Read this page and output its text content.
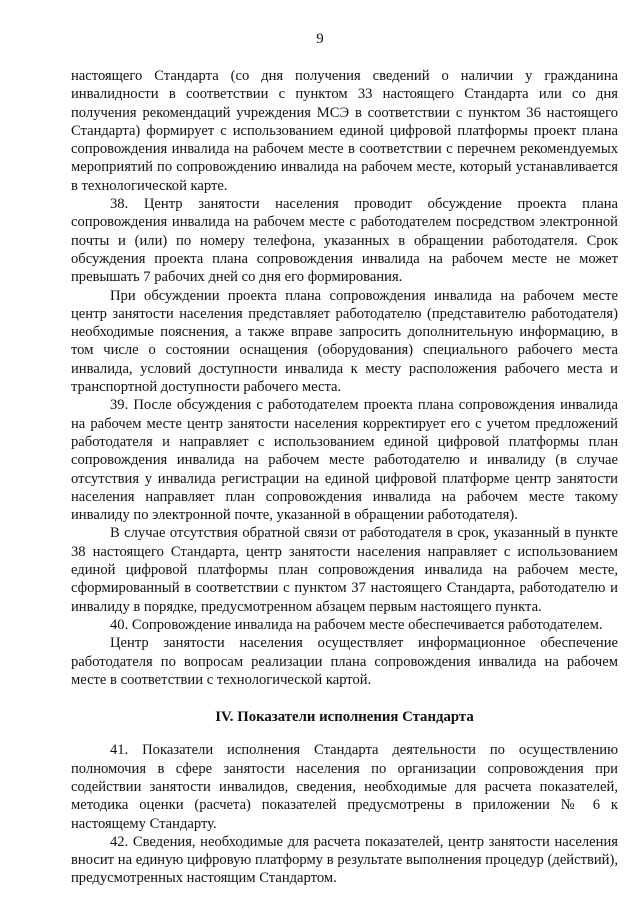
9

настоящего Стандарта (со дня получения сведений о наличии у гражданина инвалидности в соответствии с пунктом 33 настоящего Стандарта или со дня получения рекомендаций учреждения МСЭ в соответствии с пунктом 36 настоящего Стандарта) формирует с использованием единой цифровой платформы проект плана сопровождения инвалида на рабочем месте в соответствии с перечнем рекомендуемых мероприятий по сопровождению инвалида на рабочем месте, который устанавливается в технологической карте.

38. Центр занятости населения проводит обсуждение проекта плана сопровождения инвалида на рабочем месте с работодателем посредством электронной почты и (или) по номеру телефона, указанных в обращении работодателя. Срок обсуждения проекта плана сопровождения инвалида на рабочем месте не может превышать 7 рабочих дней со дня его формирования.

При обсуждении проекта плана сопровождения инвалида на рабочем месте центр занятости населения представляет работодателю (представителю работодателя) необходимые пояснения, а также вправе запросить дополнительную информацию, в том числе о состоянии оснащения (оборудования) специального рабочего места инвалида, условий доступности инвалида к месту расположения рабочего места и транспортной доступности рабочего места.

39. После обсуждения с работодателем проекта плана сопровождения инвалида на рабочем месте центр занятости населения корректирует его с учетом предложений работодателя и направляет с использованием единой цифровой платформы план сопровождения инвалида на рабочем месте работодателю и инвалиду (в случае отсутствия у инвалида регистрации на единой цифровой платформе центр занятости населения направляет план сопровождения инвалида на рабочем месте такому инвалиду по электронной почте, указанной в обращении работодателя).

В случае отсутствия обратной связи от работодателя в срок, указанный в пункте 38 настоящего Стандарта, центр занятости населения направляет с использованием единой цифровой платформы план сопровождения инвалида на рабочем месте, сформированный в соответствии с пунктом 37 настоящего Стандарта, работодателю и инвалиду в порядке, предусмотренном абзацем первым настоящего пункта.

40. Сопровождение инвалида на рабочем месте обеспечивается работодателем.

Центр занятости населения осуществляет информационное обеспечение работодателя по вопросам реализации плана сопровождения инвалида на рабочем месте в соответствии с технологической картой.

IV. Показатели исполнения Стандарта

41. Показатели исполнения Стандарта деятельности по осуществлению полномочия в сфере занятости населения по организации сопровождения при содействии занятости инвалидов, сведения, необходимые для расчета показателей, методика оценки (расчета) показателей предусмотрены в приложении № 6 к настоящему Стандарту.

42. Сведения, необходимые для расчета показателей, центр занятости населения вносит на единую цифровую платформу в результате выполнения процедур (действий), предусмотренных настоящим Стандартом.
